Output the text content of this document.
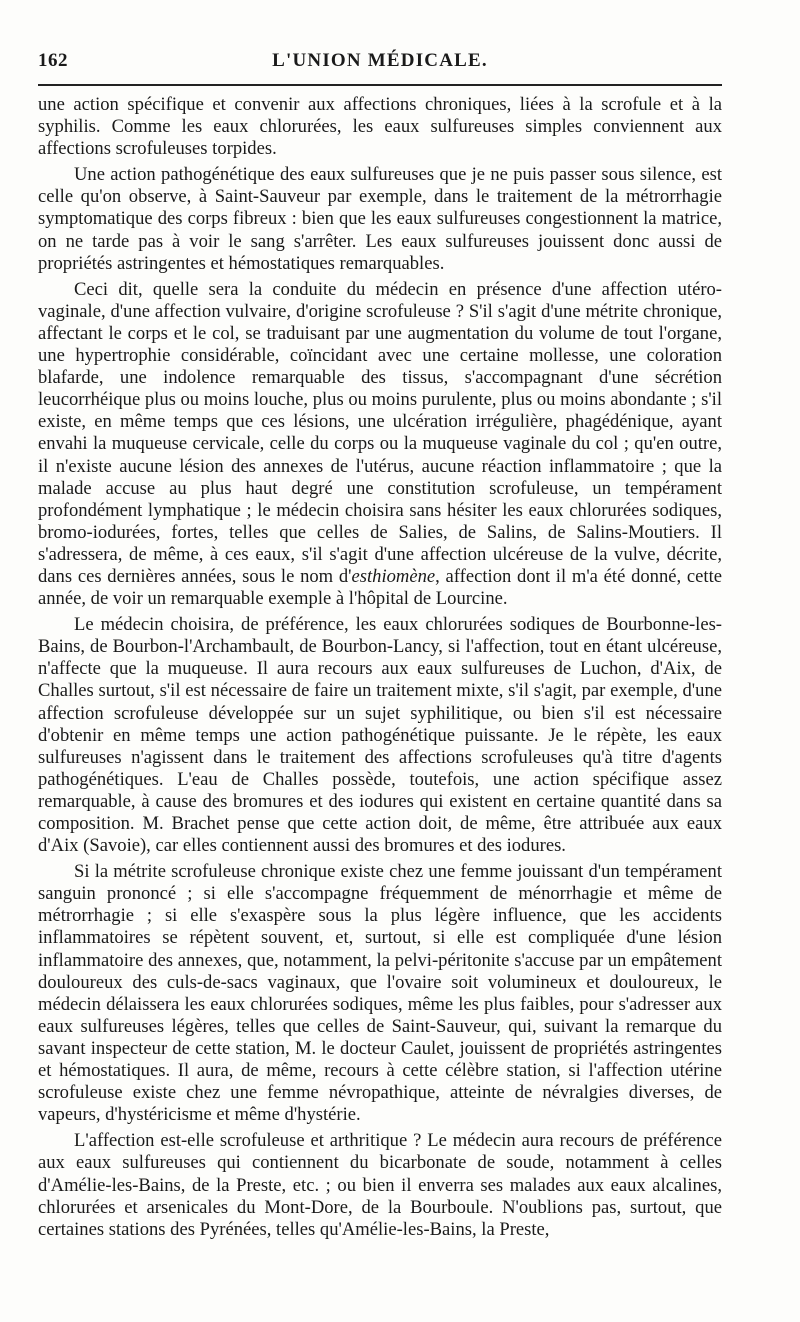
162	L'UNION MÉDICALE.

une action spécifique et convenir aux affections chroniques, liées à la scrofule et à la syphilis. Comme les eaux chlorurées, les eaux sulfureuses simples conviennent aux affections scrofuleuses torpides.

Une action pathogénétique des eaux sulfureuses que je ne puis passer sous silence, est celle qu'on observe, à Saint-Sauveur par exemple, dans le traitement de la métrorrhagie symptomatique des corps fibreux : bien que les eaux sulfureuses congestionnent la matrice, on ne tarde pas à voir le sang s'arrêter. Les eaux sulfureuses jouissent donc aussi de propriétés astringentes et hémostatiques remarquables.

Ceci dit, quelle sera la conduite du médecin en présence d'une affection utéro-vaginale, d'une affection vulvaire, d'origine scrofuleuse ? S'il s'agit d'une métrite chronique, affectant le corps et le col, se traduisant par une augmentation du volume de tout l'organe, une hypertrophie considérable, coïncidant avec une certaine mollesse, une coloration blafarde, une indolence remarquable des tissus, s'accompagnant d'une sécrétion leucorrhéique plus ou moins louche, plus ou moins purulente, plus ou moins abondante ; s'il existe, en même temps que ces lésions, une ulcération irrégulière, phagédénique, ayant envahi la muqueuse cervicale, celle du corps ou la muqueuse vaginale du col ; qu'en outre, il n'existe aucune lésion des annexes de l'utérus, aucune réaction inflammatoire ; que la malade accuse au plus haut degré une constitution scrofuleuse, un tempérament profondément lymphatique ; le médecin choisira sans hésiter les eaux chlorurées sodiques, bromo-iodurées, fortes, telles que celles de Salies, de Salins, de Salins-Moutiers. Il s'adressera, de même, à ces eaux, s'il s'agit d'une affection ulcéreuse de la vulve, décrite, dans ces dernières années, sous le nom d'esthiomène, affection dont il m'a été donné, cette année, de voir un remarquable exemple à l'hôpital de Lourcine.

Le médecin choisira, de préférence, les eaux chlorurées sodiques de Bourbonne-les-Bains, de Bourbon-l'Archambault, de Bourbon-Lancy, si l'affection, tout en étant ulcéreuse, n'affecte que la muqueuse. Il aura recours aux eaux sulfureuses de Luchon, d'Aix, de Challes surtout, s'il est nécessaire de faire un traitement mixte, s'il s'agit, par exemple, d'une affection scrofuleuse développée sur un sujet syphilitique, ou bien s'il est nécessaire d'obtenir en même temps une action pathogénétique puissante. Je le répète, les eaux sulfureuses n'agissent dans le traitement des affections scrofuleuses qu'à titre d'agents pathogénétiques. L'eau de Challes possède, toutefois, une action spécifique assez remarquable, à cause des bromures et des iodures qui existent en certaine quantité dans sa composition. M. Brachet pense que cette action doit, de même, être attribuée aux eaux d'Aix (Savoie), car elles contiennent aussi des bromures et des iodures.

Si la métrite scrofuleuse chronique existe chez une femme jouissant d'un tempérament sanguin prononcé ; si elle s'accompagne fréquemment de ménorrhagie et même de métrorrhagie ; si elle s'exaspère sous la plus légère influence, que les accidents inflammatoires se répètent souvent, et, surtout, si elle est compliquée d'une lésion inflammatoire des annexes, que, notamment, la pelvi-péritonite s'accuse par un empâtement douloureux des culs-de-sacs vaginaux, que l'ovaire soit volumineux et douloureux, le médecin délaissera les eaux chlorurées sodiques, même les plus faibles, pour s'adresser aux eaux sulfureuses légères, telles que celles de Saint-Sauveur, qui, suivant la remarque du savant inspecteur de cette station, M. le docteur Caulet, jouissent de propriétés astringentes et hémostatiques. Il aura, de même, recours à cette célèbre station, si l'affection utérine scrofuleuse existe chez une femme névropathique, atteinte de névralgies diverses, de vapeurs, d'hystéricisme et même d'hystérie.

L'affection est-elle scrofuleuse et arthritique ? Le médecin aura recours de préférence aux eaux sulfureuses qui contiennent du bicarbonate de soude, notamment à celles d'Amélie-les-Bains, de la Preste, etc. ; ou bien il enverra ses malades aux eaux alcalines, chlorurées et arsenicales du Mont-Dore, de la Bourboule. N'oublions pas, surtout, que certaines stations des Pyrénées, telles qu'Amélie-les-Bains, la Preste,
